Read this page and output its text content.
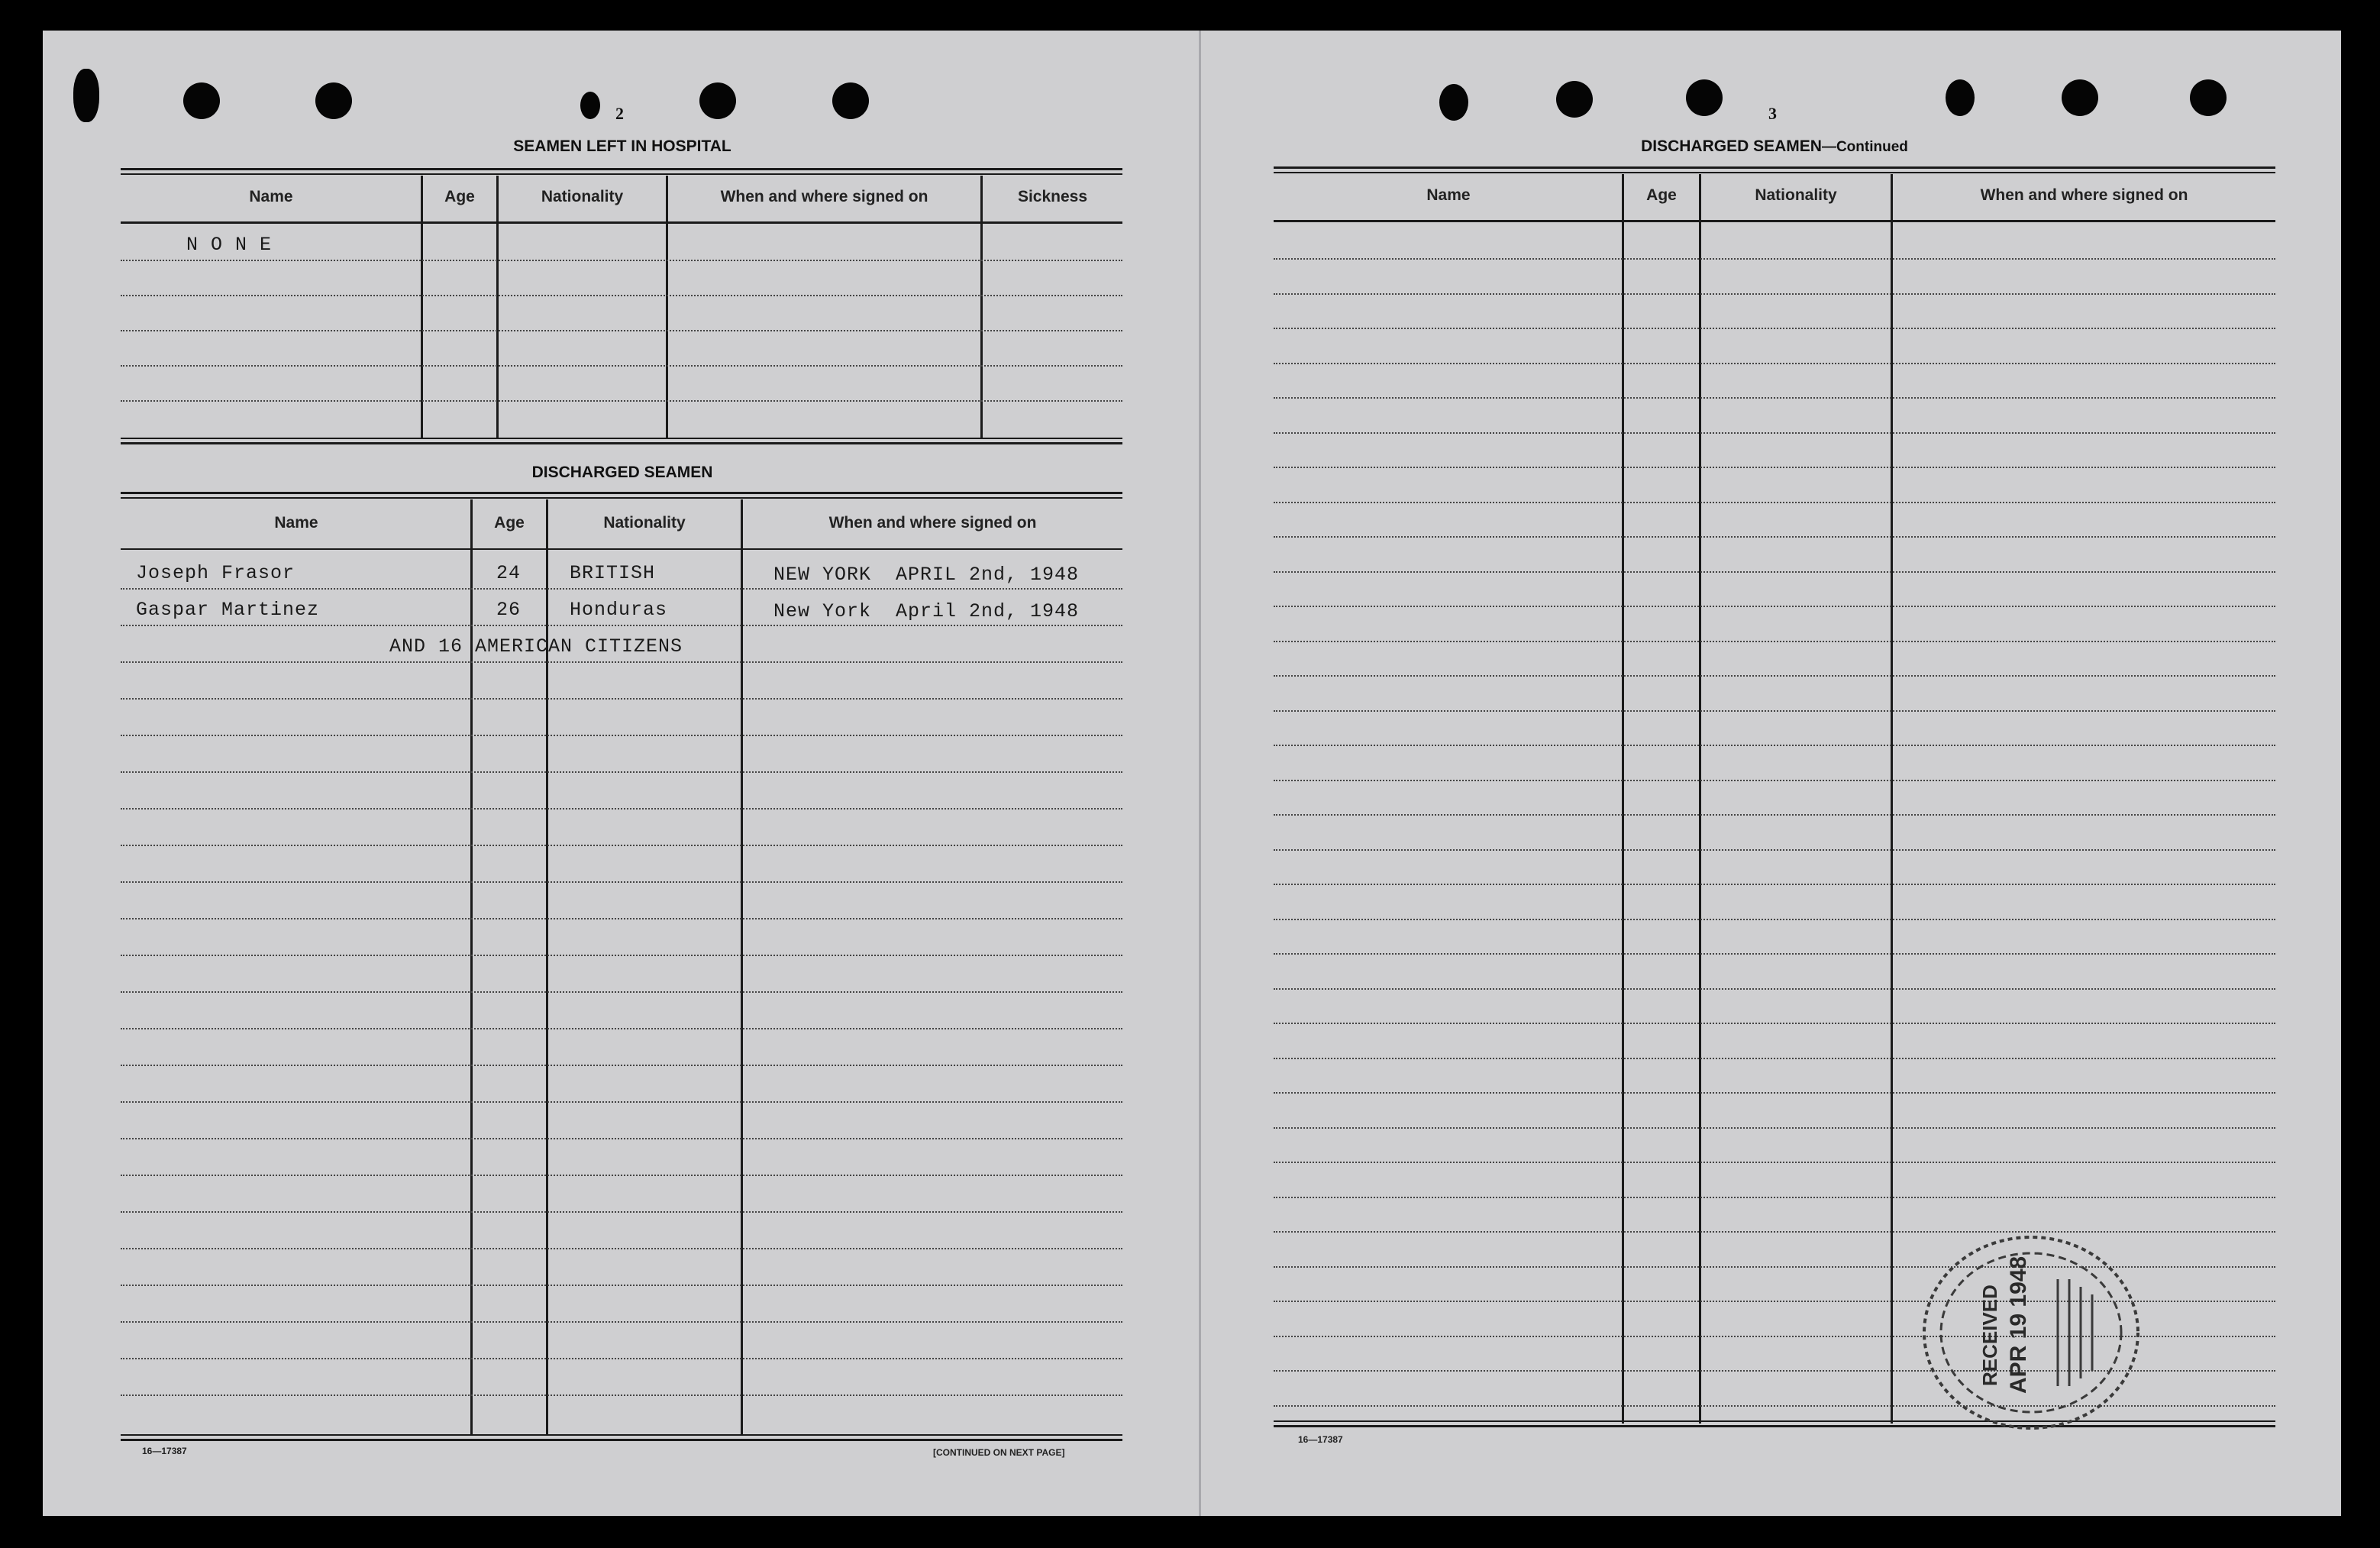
2
SEAMEN LEFT IN HOSPITAL
Name	Age	Nationality	When and where signed on	Sickness
N O N E
DISCHARGED SEAMEN
Name	Age	Nationality	When and where signed on
Joseph Frasor	24	BRITISH	NEW YORK  APRIL 2nd, 1948
Gaspar Martinez	26	Honduras	New York  April 2nd, 1948
AND 16 AMERICAN CITIZENS
16—17387	[CONTINUED ON NEXT PAGE]
3
DISCHARGED SEAMEN—Continued
Name	Age	Nationality	When and where signed on
16—17387
RECEIVED APR 19 1948
